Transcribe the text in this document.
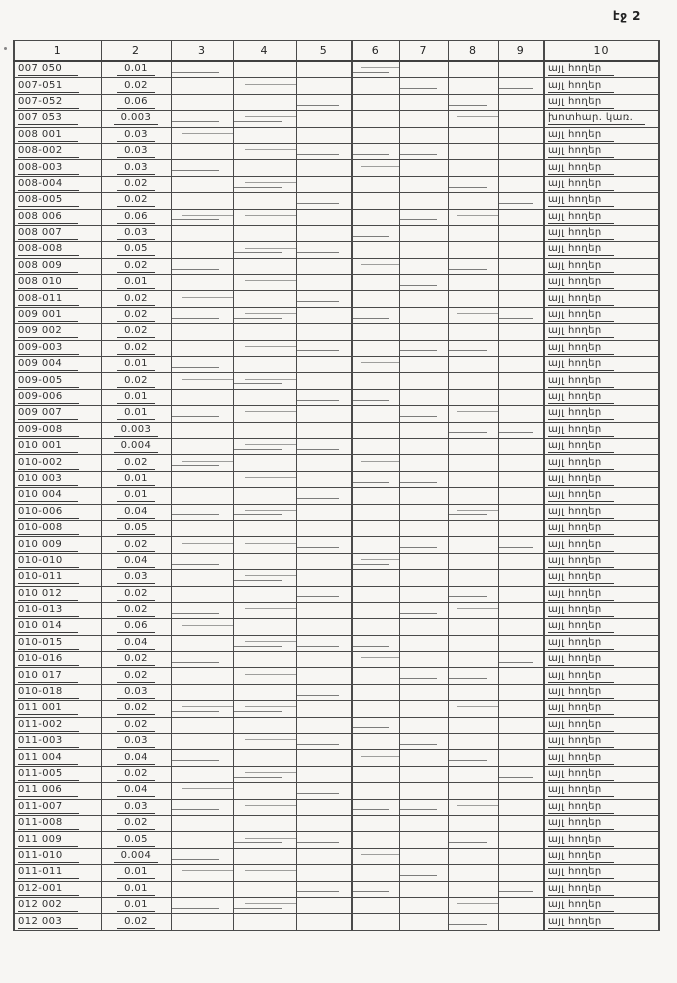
էջ 2
1	2	3	4	5	6	7	8	9	10
007 050	0.01								այլ հողեր
007-051	0.02								այլ հողեր
007-052	0.06								այլ հողեր
007 053	0.003								խոտհար. կառ.
008 001	0.03								այլ հողեր
008-002	0.03								այլ հողեր
008-003	0.03								այլ հողեր
008-004	0.02								այլ հողեր
008-005	0.02								այլ հողեր
008 006	0.06								այլ հողեր
008 007	0.03								այլ հողեր
008-008	0.05								այլ հողեր
008 009	0.02								այլ հողեր
008 010	0.01								այլ հողեր
008-011	0.02								այլ հողեր
009 001	0.02								այլ հողեր
009 002	0.02								այլ հողեր
009-003	0.02								այլ հողեր
009 004	0.01								այլ հողեր
009-005	0.02								այլ հողեր
009-006	0.01								այլ հողեր
009 007	0.01								այլ հողեր
009-008	0.003								այլ հողեր
010 001	0.004								այլ հողեր
010-002	0.02								այլ հողեր
010 003	0.01								այլ հողեր
010 004	0.01								այլ հողեր
010-006	0.04								այլ հողեր
010-008	0.05								այլ հողեր
010 009	0.02								այլ հողեր
010-010	0.04								այլ հողեր
010-011	0.03								այլ հողեր
010 012	0.02								այլ հողեր
010-013	0.02								այլ հողեր
010 014	0.06								այլ հողեր
010-015	0.04								այլ հողեր
010-016	0.02								այլ հողեր
010 017	0.02								այլ հողեր
010-018	0.03								այլ հողեր
011 001	0.02								այլ հողեր
011-002	0.02								այլ հողեր
011-003	0.03								այլ հողեր
011 004	0.04								այլ հողեր
011-005	0.02								այլ հողեր
011 006	0.04								այլ հողեր
011-007	0.03								այլ հողեր
011-008	0.02								այլ հողեր
011 009	0.05								այլ հողեր
011-010	0.004								այլ հողեր
011-011	0.01								այլ հողեր
012-001	0.01								այլ հողեր
012 002	0.01								այլ հողեր
012 003	0.02								այլ հողեր
